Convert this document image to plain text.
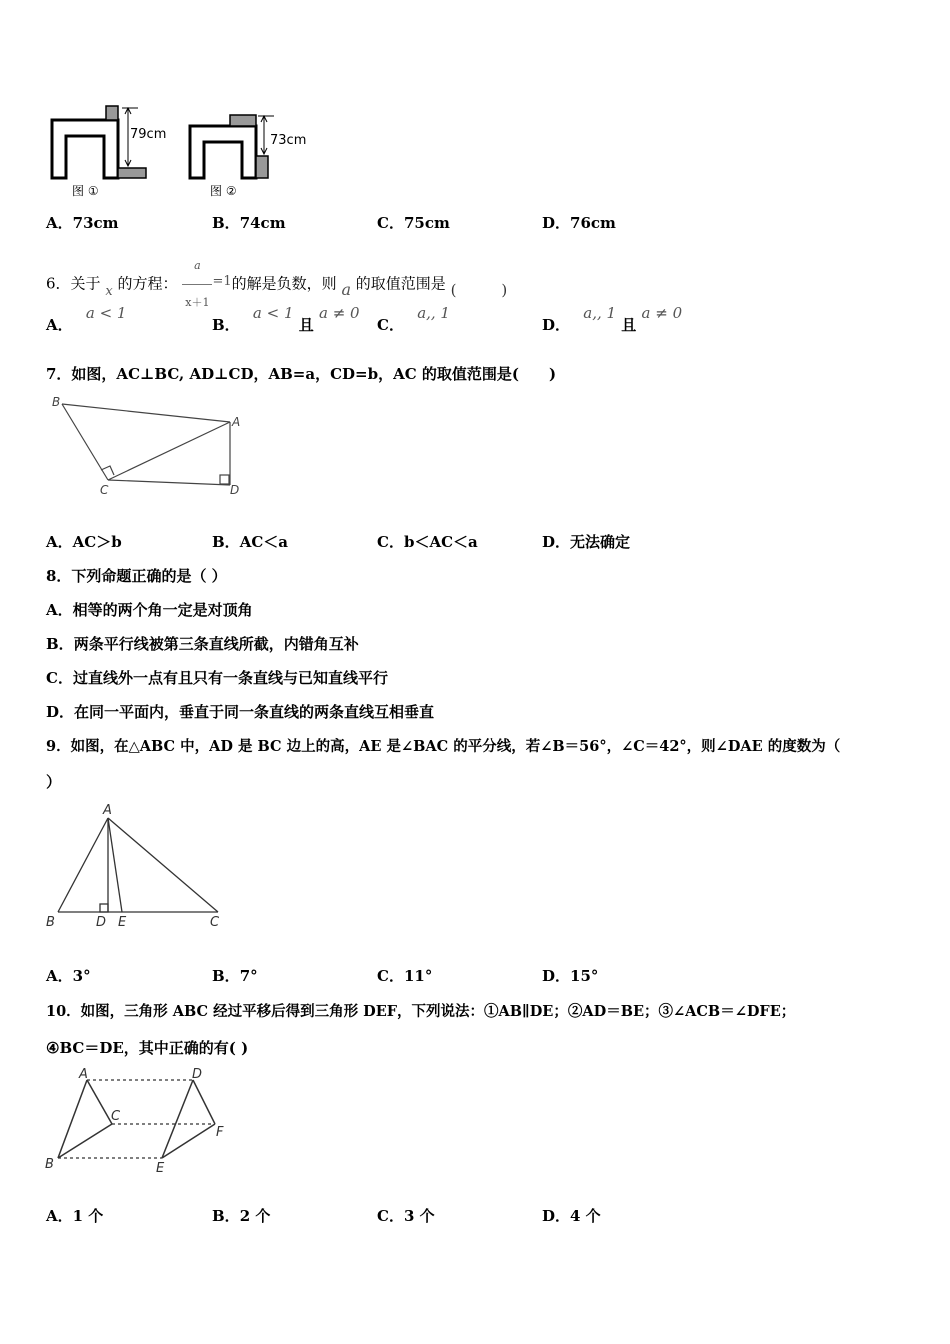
79cm
图 ①
73cm
图 ②
A．73cm	B．74cm	C．75cm	D．76cm
6．关于 x 的方程： $\frac{a}{x+1} =1$的解是负数，则 a 的取值范围是 (　　　)
A． a < 1
B． a < 1 且 a ≠ 0
C． a,, 1
D． a,, 1 且 a ≠ 0
7．如图，AC⊥BC, AD⊥CD，AB=a，CD=b，AC 的取值范围是(　　)
B
A
C	D
A．AC＞b	B．AC＜a	C．b＜AC＜a	D．无法确定
8．下列命题正确的是（ ）
A．相等的两个角一定是对顶角
B．两条平行线被第三条直线所截，内错角互补
C．过直线外一点有且只有一条直线与已知直线平行
D．在同一平面内，垂直于同一条直线的两条直线互相垂直
9．如图，在△ABC 中，AD 是 BC 边上的高，AE 是∠BAC 的平分线，若∠B＝56°，∠C＝42°，则∠DAE 的度数为（
）
A
B	D E	C
A．3°	B．7°	C．11°	D．15°
10．如图，三角形 ABC 经过平移后得到三角形 DEF，下列说法：①AB∥DE；②AD＝BE；③∠ACB＝∠DFE；
④BC＝DE，其中正确的有( )
A
B
C
D
E
F
A．1 个	B．2 个	C．3 个	D．4 个
